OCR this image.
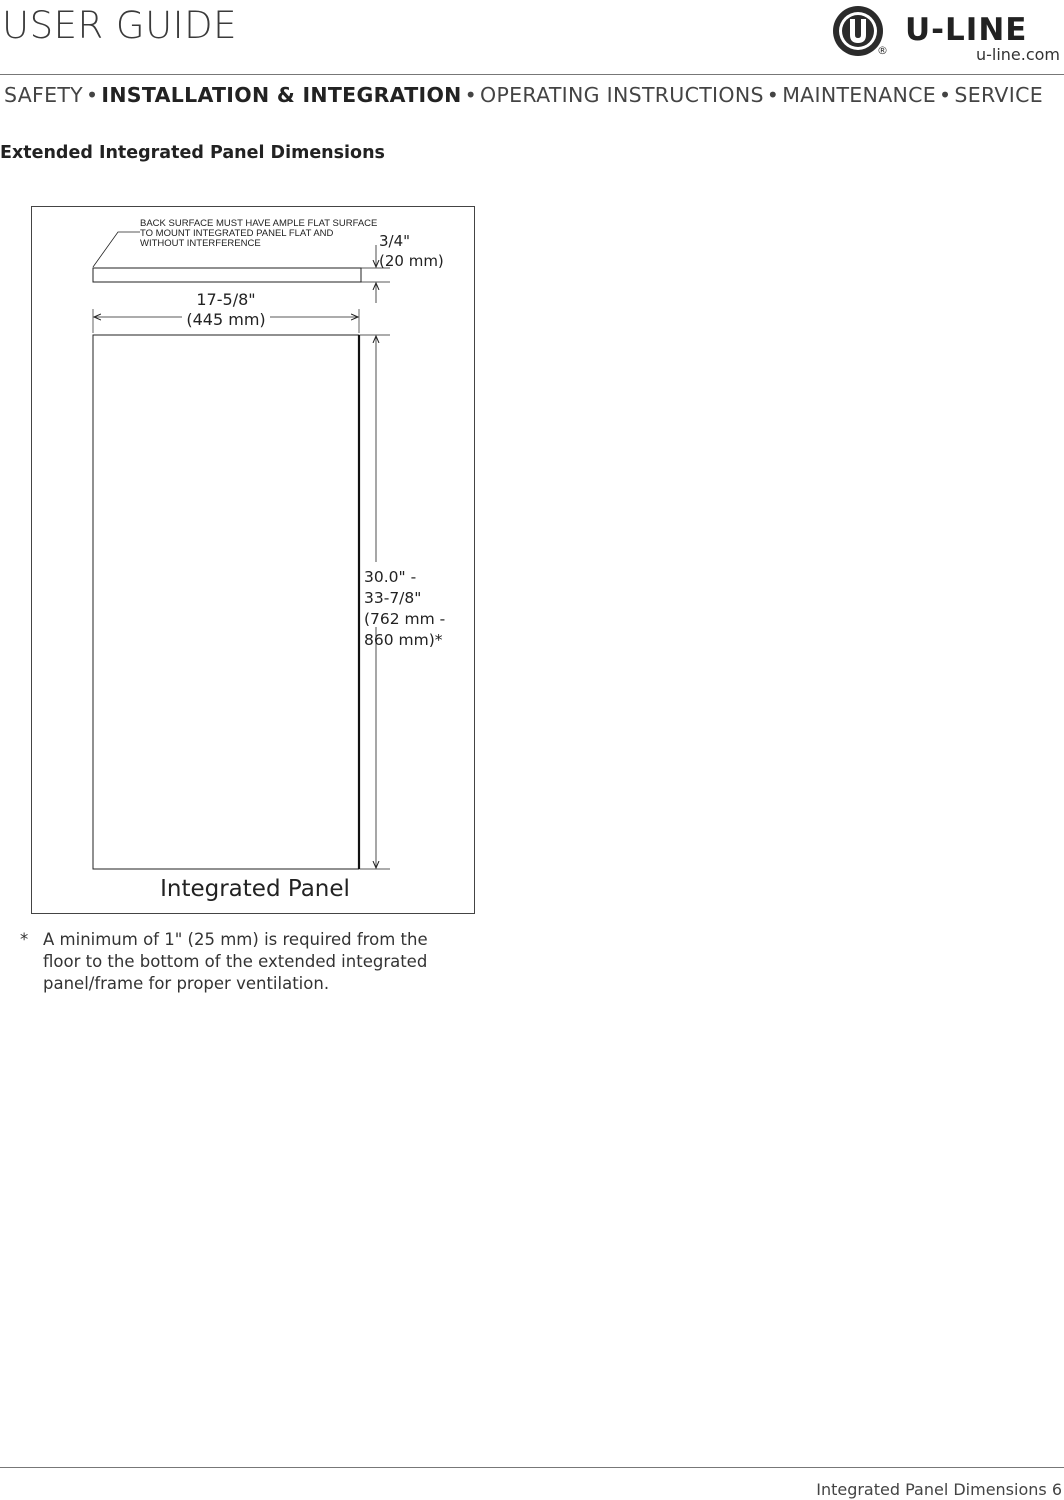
USER GUIDE
®
U-LINE
u-line.com
SAFETY • INSTALLATION & INTEGRATION • OPERATING INSTRUCTIONS • MAINTENANCE • SERVICE
Extended Integrated Panel Dimensions
BACK SURFACE MUST HAVE AMPLE FLAT SURFACE
TO MOUNT INTEGRATED PANEL FLAT AND
WITHOUT INTERFERENCE	3/4"
(20 mm)
17-5/8"
(445 mm)
30.0" -
33-7/8"
(762 mm -
860 mm)*
Integrated Panel
* A minimum of 1" (25 mm) is required from the floor to the bottom of the extended integrated panel/frame for proper ventilation.
Integrated Panel Dimensions 6
